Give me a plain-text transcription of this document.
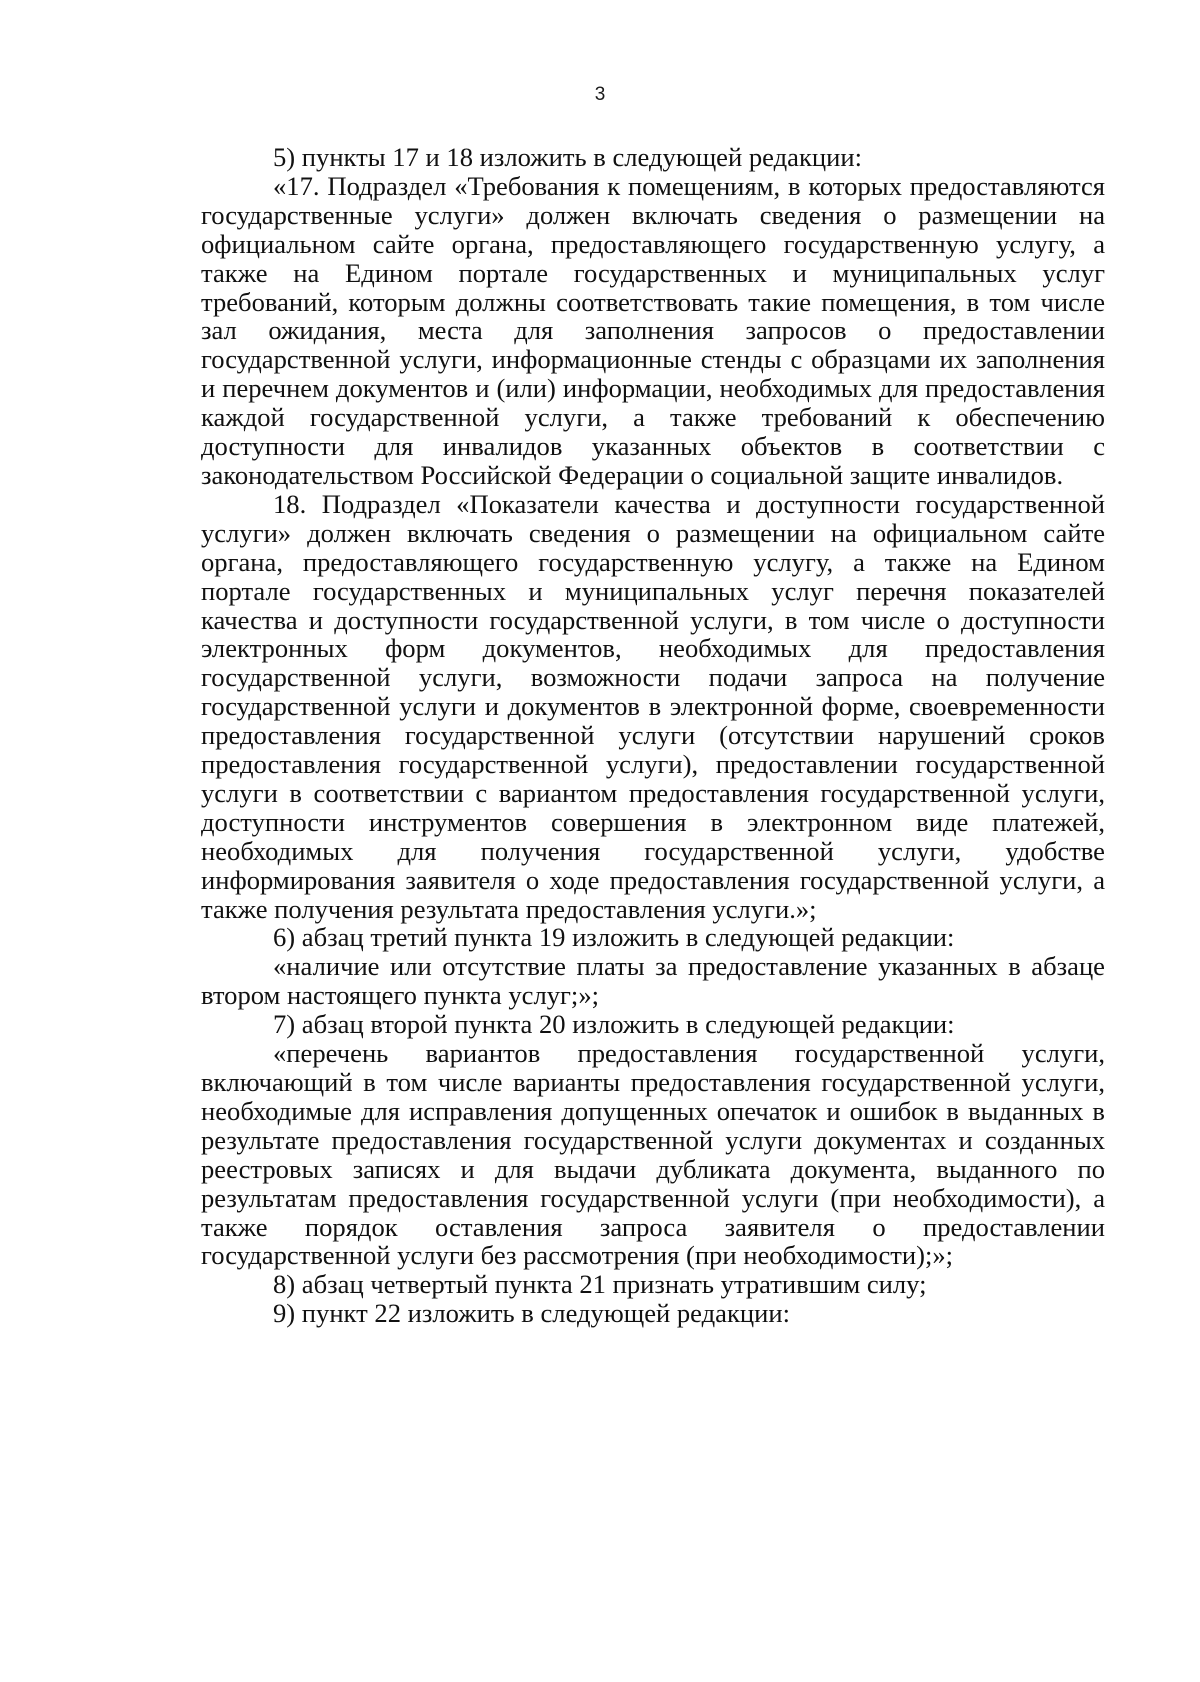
3

5) пункты 17 и 18 изложить в следующей редакции:

«17. Подраздел «Требования к помещениям, в которых предоставляются государственные услуги» должен включать сведения о размещении на официальном сайте органа, предоставляющего государственную услугу, а также на Едином портале государственных и муниципальных услуг требований, которым должны соответствовать такие помещения, в том числе зал ожидания, места для заполнения запросов о предоставлении государственной услуги, информационные стенды с образцами их заполнения и перечнем документов и (или) информации, необходимых для предоставления каждой государственной услуги, а также требований к обеспечению доступности для инвалидов указанных объектов в соответствии с законодательством Российской Федерации о социальной защите инвалидов.

18. Подраздел «Показатели качества и доступности государственной услуги» должен включать сведения о размещении на официальном сайте органа, предоставляющего государственную услугу, а также на Едином портале государственных и муниципальных услуг перечня показателей качества и доступности государственной услуги, в том числе о доступности электронных форм документов, необходимых для предоставления государственной услуги, возможности подачи запроса на получение государственной услуги и документов в электронной форме, своевременности предоставления государственной услуги (отсутствии нарушений сроков предоставления государственной услуги), предоставлении государственной услуги в соответствии с вариантом предоставления государственной услуги, доступности инструментов совершения в электронном виде платежей, необходимых для получения государственной услуги, удобстве информирования заявителя о ходе предоставления государственной услуги, а также получения результата предоставления услуги.»;

6) абзац третий пункта 19 изложить в следующей редакции:

«наличие или отсутствие платы за предоставление указанных в абзаце втором настоящего пункта услуг;»;

7) абзац второй пункта 20 изложить в следующей редакции:

«перечень вариантов предоставления государственной услуги, включающий в том числе варианты предоставления государственной услуги, необходимые для исправления допущенных опечаток и ошибок в выданных в результате предоставления государственной услуги документах и созданных реестровых записях и для выдачи дубликата документа, выданного по результатам предоставления государственной услуги (при необходимости), а также порядок оставления запроса заявителя о предоставлении государственной услуги без рассмотрения (при необходимости);»;

8) абзац четвертый пункта 21 признать утратившим силу;

9) пункт 22 изложить в следующей редакции:
